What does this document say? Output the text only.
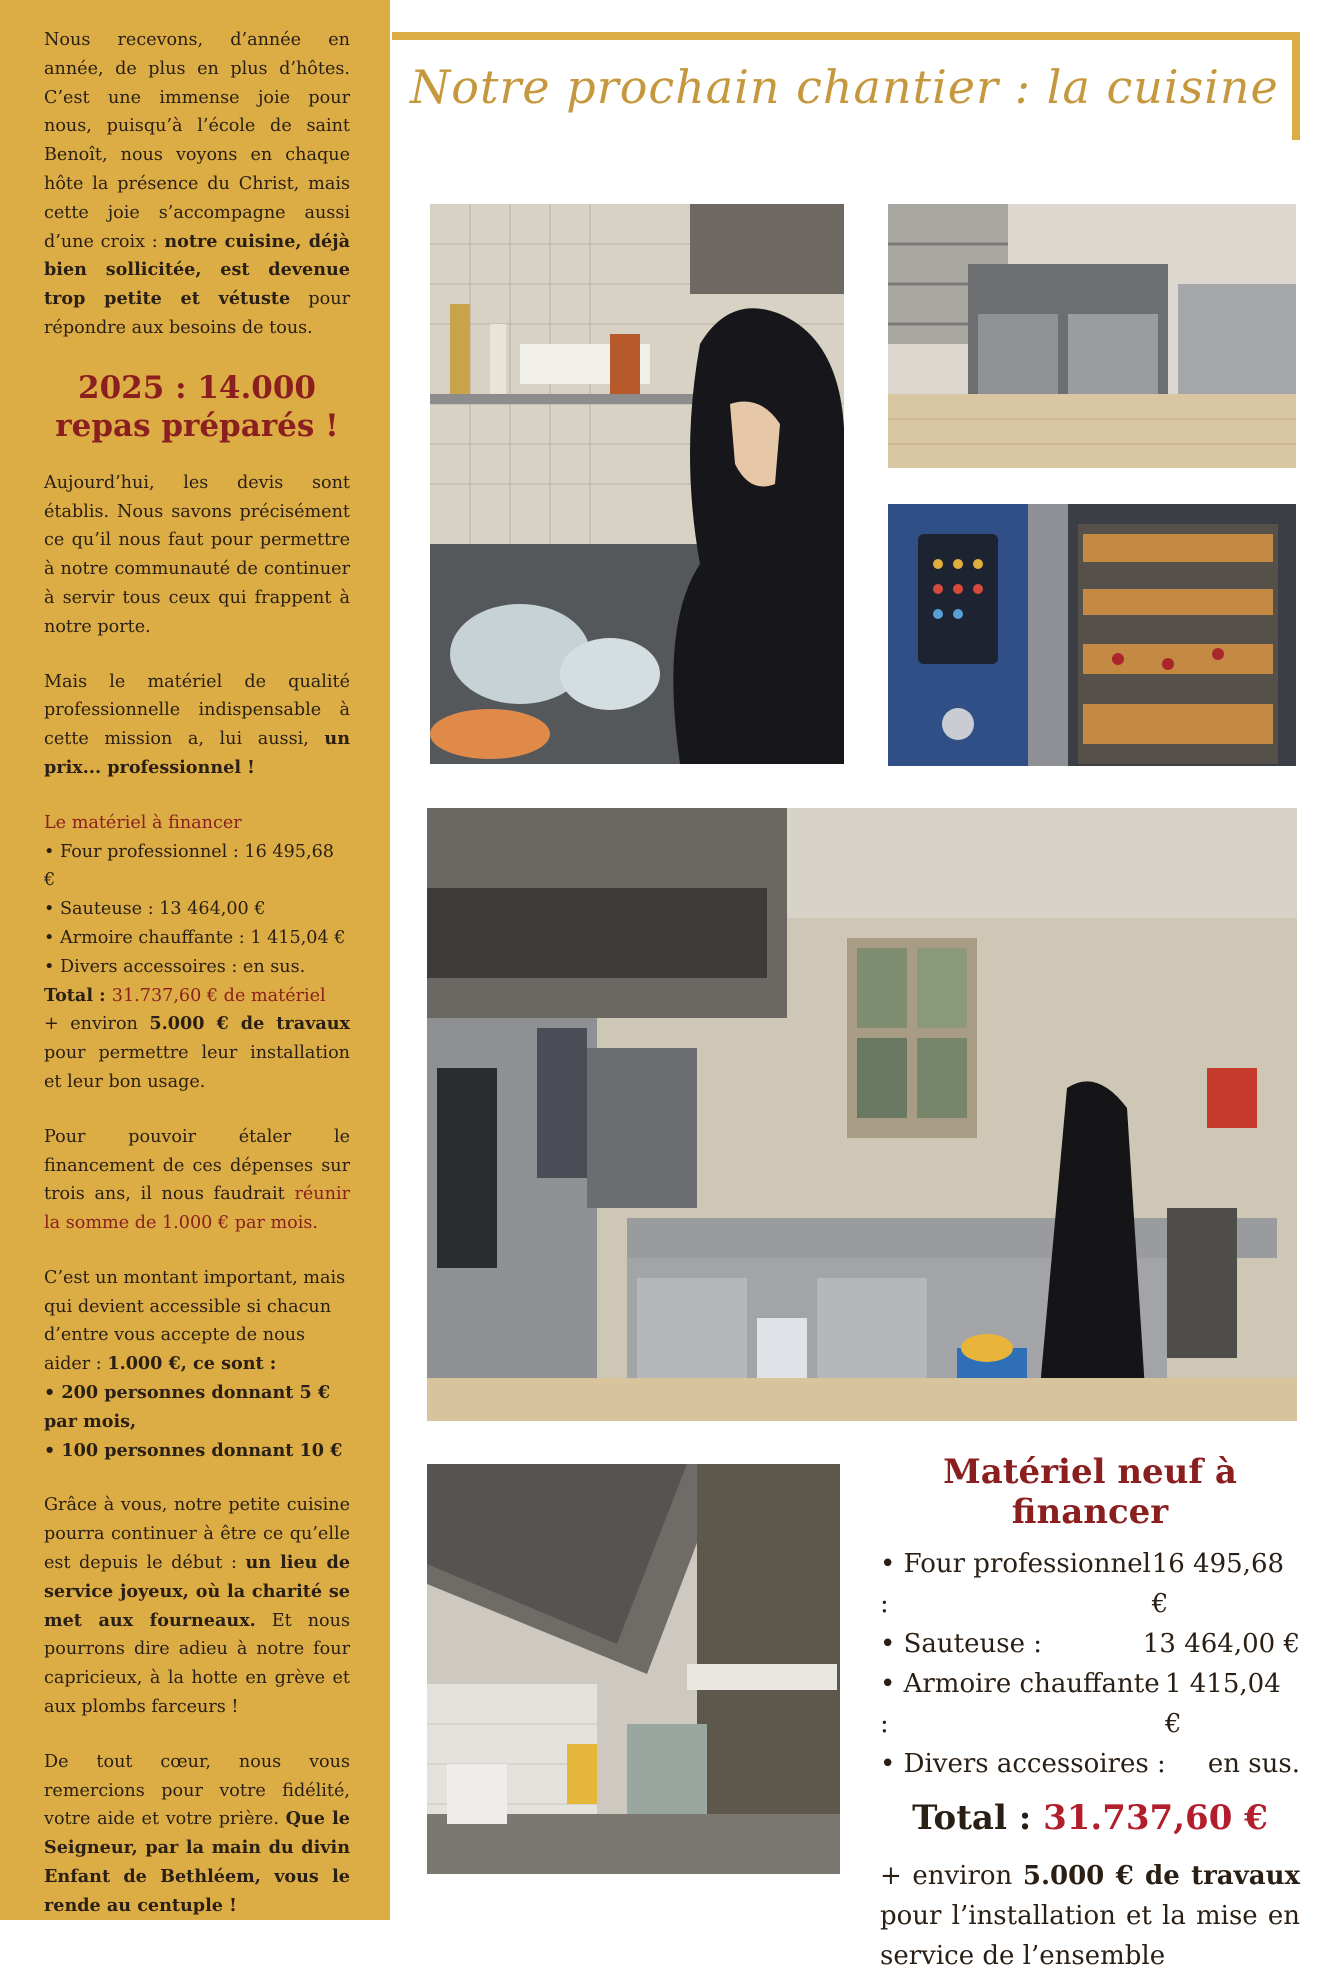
Nous recevons, d’année en année, de plus en plus d’hôtes. C’est une immense joie pour nous, puisqu’à l’école de saint Benoît, nous voyons en chaque hôte la présence du Christ, mais cette joie s’accompagne aussi d’une croix : notre cuisine, déjà bien sollicitée, est devenue trop petite et vétuste pour répondre aux besoins de tous.

2025 : 14.000
repas préparés !

Aujourd’hui, les devis sont établis. Nous savons précisément ce qu’il nous faut pour permettre à notre communauté de continuer à servir tous ceux qui frappent à notre porte.

Mais le matériel de qualité professionnelle indispensable à cette mission a, lui aussi, un prix... professionnel !

Le matériel à financer
• Four professionnel : 16 495,68 €
• Sauteuse : 13 464,00 €
• Armoire chauffante : 1 415,04 €
• Divers accessoires : en sus.
Total : 31.737,60 € de matériel
+ environ 5.000 € de travaux pour permettre leur installation et leur bon usage.

Pour pouvoir étaler le financement de ces dépenses sur trois ans, il nous faudrait réunir la somme de 1.000 € par mois.

C’est un montant important, mais qui devient accessible si chacun d’entre vous accepte de nous aider : 1.000 €, ce sont :
• 200 personnes donnant 5 € par mois,
• 100 personnes donnant 10 €

Grâce à vous, notre petite cuisine pourra continuer à être ce qu’elle est depuis le début : un lieu de service joyeux, où la charité se met aux fourneaux. Et nous pourrons dire adieu à notre four capricieux, à la hotte en grève et aux plombs farceurs !

De tout cœur, nous vous remercions pour votre fidélité, votre aide et votre prière. Que le Seigneur, par la main du divin Enfant de Bethléem, vous le rende au centuple !

Notre prochain chantier : la cuisine
Matériel neuf à financer
• Four professionnel :
16 495,68 €
• Sauteuse :	13 464,00 €
• Armoire chauffante :
1 415,04 €
• Divers accessoires : en sus.
Total : 31.737,60 €
+ environ 5.000 € de travaux pour l’installation et la mise en service de l’ensemble
